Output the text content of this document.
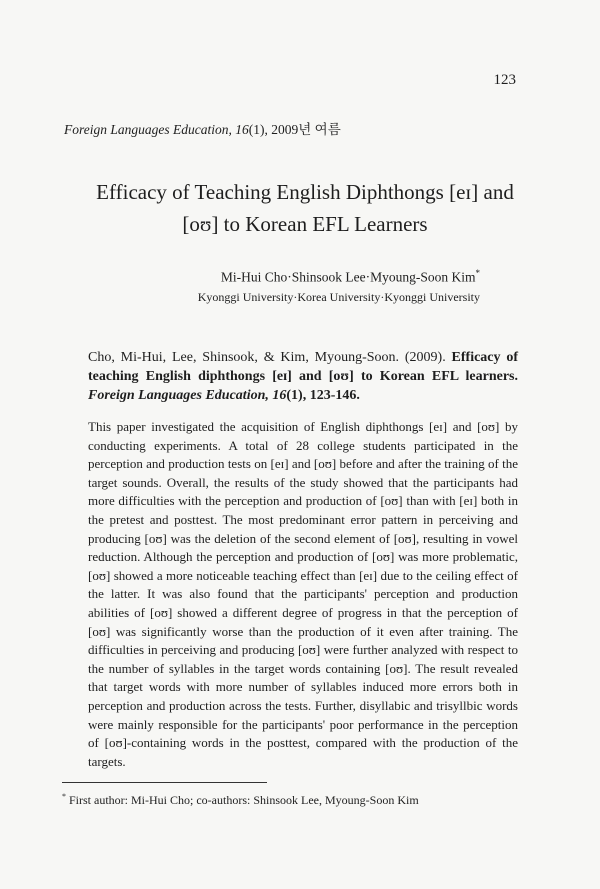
123
Foreign Languages Education, 16(1), 2009년 여름
Efficacy of Teaching English Diphthongs [eɪ] and
[oʊ] to Korean EFL Learners
Mi-Hui Cho·Shinsook Lee·Myoung-Soon Kim*
Kyonggi University·Korea University·Kyonggi University
Cho, Mi-Hui, Lee, Shinsook, & Kim, Myoung-Soon. (2009). Efficacy of teaching English diphthongs [eɪ] and [oʊ] to Korean EFL learners. Foreign Languages Education, 16(1), 123-146.
This paper investigated the acquisition of English diphthongs [eɪ] and [oʊ] by conducting experiments. A total of 28 college students participated in the perception and production tests on [eɪ] and [oʊ] before and after the training of the target sounds. Overall, the results of the study showed that the participants had more difficulties with the perception and production of [oʊ] than with [eɪ] both in the pretest and posttest. The most predominant error pattern in perceiving and producing [oʊ] was the deletion of the second element of [oʊ], resulting in vowel reduction. Although the perception and production of [oʊ] was more problematic, [oʊ] showed a more noticeable teaching effect than [eɪ] due to the ceiling effect of the latter. It was also found that the participants' perception and production abilities of [oʊ] showed a different degree of progress in that the perception of [oʊ] was significantly worse than the production of it even after training. The difficulties in perceiving and producing [oʊ] were further analyzed with respect to the number of syllables in the target words containing [oʊ]. The result revealed that target words with more number of syllables induced more errors both in perception and production across the tests. Further, disyllabic and trisyllbic words were mainly responsible for the participants' poor performance in the perception of [oʊ]-containing words in the posttest, compared with the production of the targets.
* First author: Mi-Hui Cho; co-authors: Shinsook Lee, Myoung-Soon Kim
